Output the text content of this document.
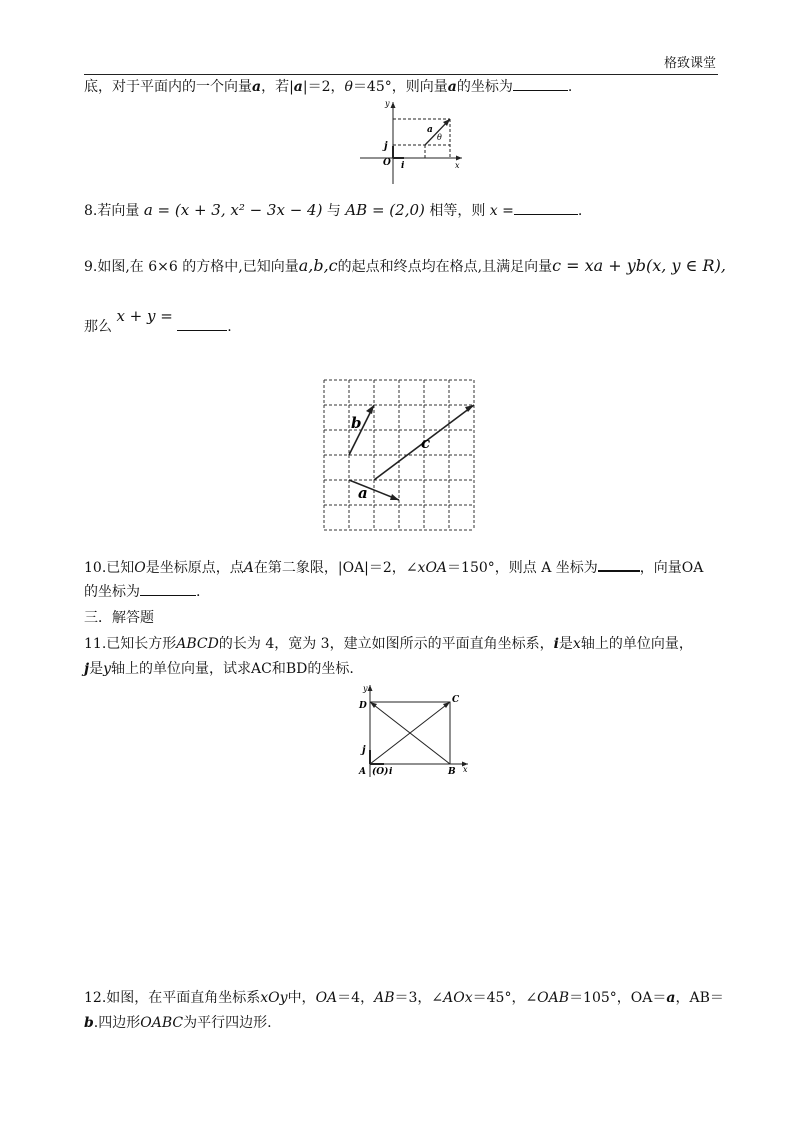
格致课堂
底，对于平面内的一个向量a，若|a|＝2，θ＝45°，则向量a的坐标为	.
y
x
j
i
O
a
θ
8.若向量 a = (x + 3, x² − 3x − 4) 与 AB = (2,0) 相等，则 x =	.
9.如图,在 6×6 的方格中,已知向量a,b,c的起点和终点均在格点,且满足向量c = xa + yb(x, y ∈ R),
那么 x + y = .
b
c
a
10.已知O是坐标原点，点A在第二象限，|OA|＝2，∠xOA＝150°，则点 A 坐标为	，向量OA
的坐标为	.
三．解答题
11.已知长方形ABCD的长为 4，宽为 3，建立如图所示的平面直角坐标系，i是x轴上的单位向量，
j是y轴上的单位向量，试求AC和BD的坐标.
y
x
D
C
j
A (O) i	B
12.如图，在平面直角坐标系xOy中，OA＝4，AB＝3，∠AOx＝45°，∠OAB＝105°，OA＝a，AB＝
b.四边形OABC为平行四边形.
